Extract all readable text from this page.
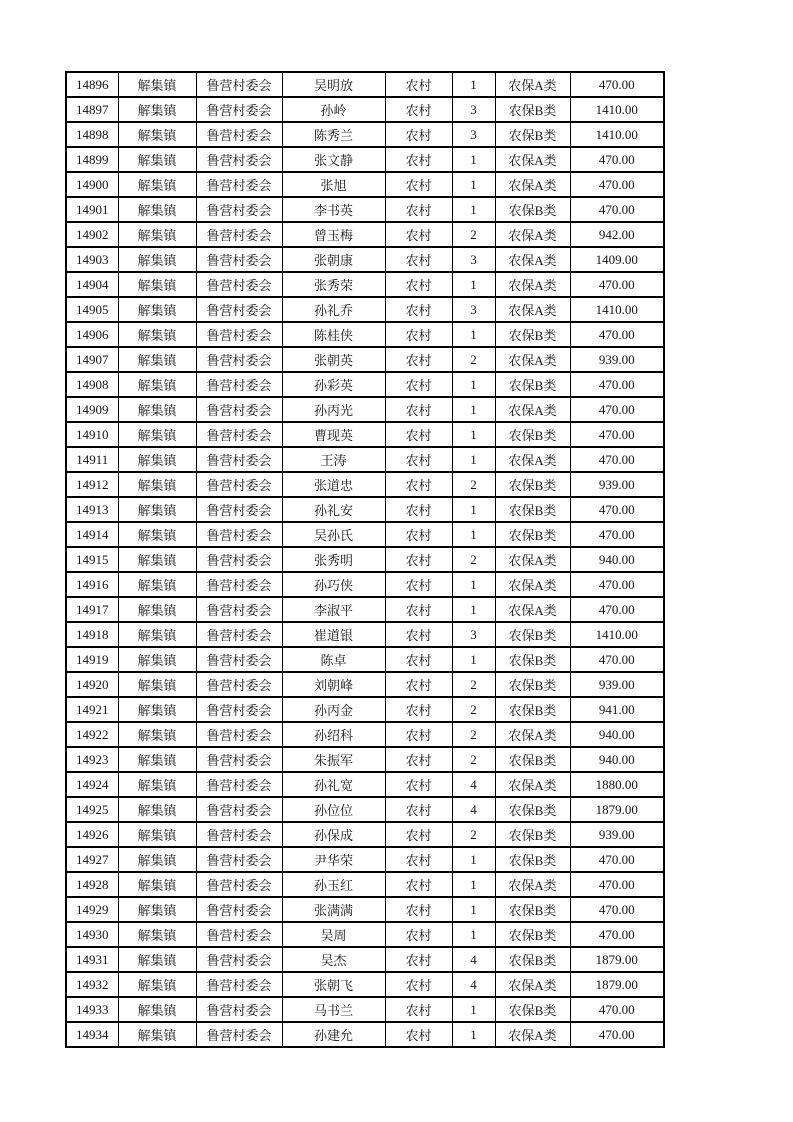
14896	解集镇	鲁营村委会	吴明放	农村	1	农保A类	470.00
14897	解集镇	鲁营村委会	孙岭	农村	3	农保B类	1410.00
14898	解集镇	鲁营村委会	陈秀兰	农村	3	农保B类	1410.00
14899	解集镇	鲁营村委会	张文静	农村	1	农保A类	470.00
14900	解集镇	鲁营村委会	张旭	农村	1	农保A类	470.00
14901	解集镇	鲁营村委会	李书英	农村	1	农保B类	470.00
14902	解集镇	鲁营村委会	曾玉梅	农村	2	农保A类	942.00
14903	解集镇	鲁营村委会	张朝康	农村	3	农保A类	1409.00
14904	解集镇	鲁营村委会	张秀荣	农村	1	农保A类	470.00
14905	解集镇	鲁营村委会	孙礼乔	农村	3	农保A类	1410.00
14906	解集镇	鲁营村委会	陈桂侠	农村	1	农保B类	470.00
14907	解集镇	鲁营村委会	张朝英	农村	2	农保A类	939.00
14908	解集镇	鲁营村委会	孙彩英	农村	1	农保B类	470.00
14909	解集镇	鲁营村委会	孙丙光	农村	1	农保A类	470.00
14910	解集镇	鲁营村委会	曹现英	农村	1	农保B类	470.00
14911	解集镇	鲁营村委会	王涛	农村	1	农保A类	470.00
14912	解集镇	鲁营村委会	张道忠	农村	2	农保B类	939.00
14913	解集镇	鲁营村委会	孙礼安	农村	1	农保B类	470.00
14914	解集镇	鲁营村委会	吴孙氏	农村	1	农保B类	470.00
14915	解集镇	鲁营村委会	张秀明	农村	2	农保A类	940.00
14916	解集镇	鲁营村委会	孙巧侠	农村	1	农保A类	470.00
14917	解集镇	鲁营村委会	李淑平	农村	1	农保A类	470.00
14918	解集镇	鲁营村委会	崔道银	农村	3	农保B类	1410.00
14919	解集镇	鲁营村委会	陈卓	农村	1	农保B类	470.00
14920	解集镇	鲁营村委会	刘朝峰	农村	2	农保B类	939.00
14921	解集镇	鲁营村委会	孙丙金	农村	2	农保B类	941.00
14922	解集镇	鲁营村委会	孙绍科	农村	2	农保A类	940.00
14923	解集镇	鲁营村委会	朱振军	农村	2	农保B类	940.00
14924	解集镇	鲁营村委会	孙礼宽	农村	4	农保A类	1880.00
14925	解集镇	鲁营村委会	孙位位	农村	4	农保B类	1879.00
14926	解集镇	鲁营村委会	孙保成	农村	2	农保B类	939.00
14927	解集镇	鲁营村委会	尹华荣	农村	1	农保B类	470.00
14928	解集镇	鲁营村委会	孙玉红	农村	1	农保A类	470.00
14929	解集镇	鲁营村委会	张满满	农村	1	农保B类	470.00
14930	解集镇	鲁营村委会	吴周	农村	1	农保B类	470.00
14931	解集镇	鲁营村委会	吴杰	农村	4	农保B类	1879.00
14932	解集镇	鲁营村委会	张朝飞	农村	4	农保A类	1879.00
14933	解集镇	鲁营村委会	马书兰	农村	1	农保B类	470.00
14934	解集镇	鲁营村委会	孙建允	农村	1	农保A类	470.00
